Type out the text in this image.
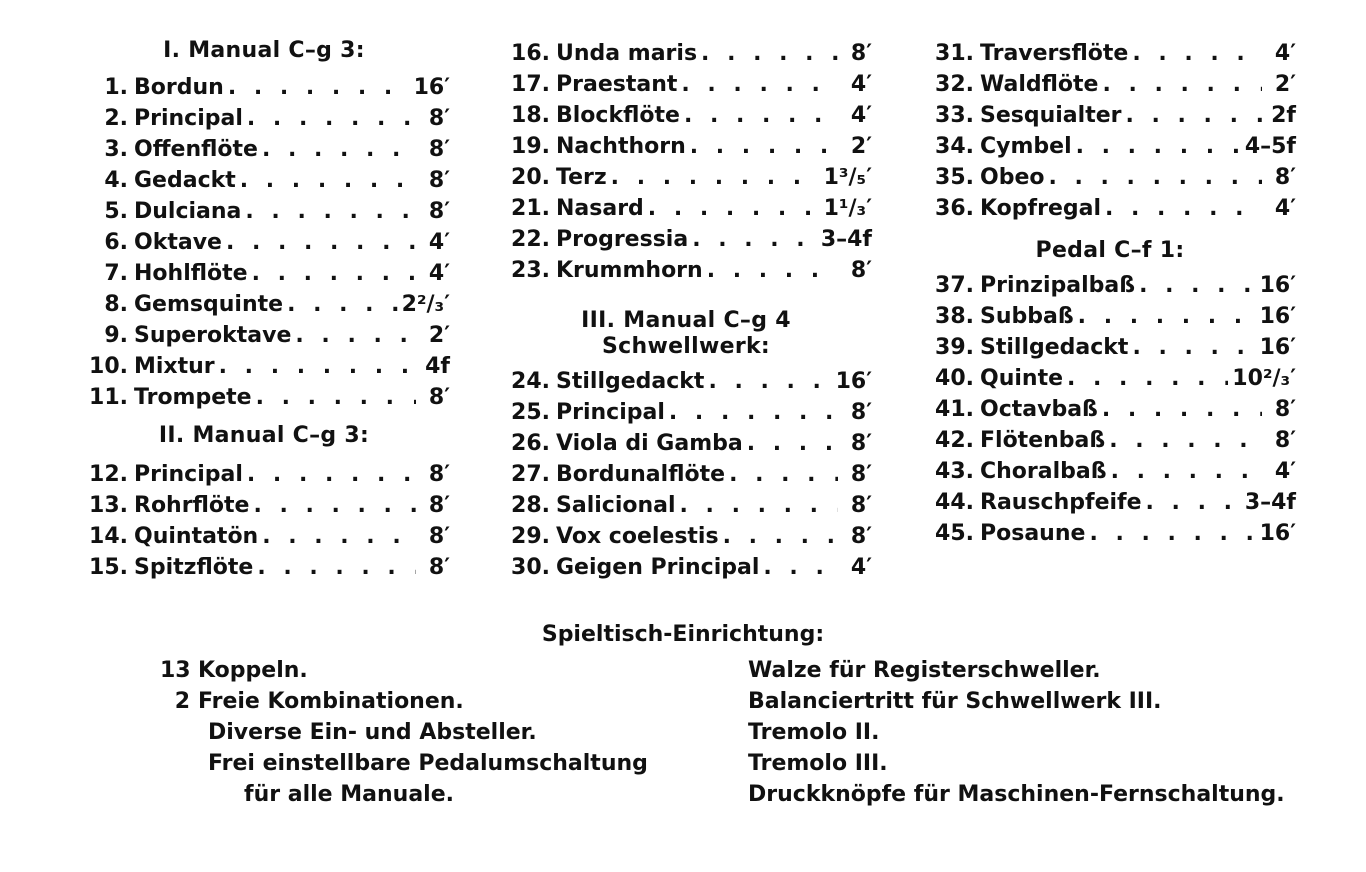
I. Manual C–g 3:
1. Bordun . . .	16′
2. Principal . . .	8′
3. Offenflöte . . .	8′
4. Gedackt . . .	8′
5. Dulciana . . .	8′
6. Oktave . . .	4′
7. Hohlflöte . . .	4′
8. Gemsquinte . . .	2²/₃′
9. Superoktave . . .	2′
10. Mixtur . . .	4f
11. Trompete . . .	8′
II. Manual C–g 3:
12. Principal . . .	8′
13. Rohrflöte . . .	8′
14. Quintatön . . .	8′
15. Spitzflöte . . .	8′
16. Unda maris . . .	8′
17. Praestant . . .	4′
18. Blockflöte . . .	4′
19. Nachthorn . . .	2′
20. Terz . . .	1³/₅′
21. Nasard . . .	1¹/₃′
22. Progressia . . .	3–4f
23. Krummhorn . . .	8′
III. Manual C–g 4
Schwellwerk:
24. Stillgedackt . . .	16′
25. Principal . . .	8′
26. Viola di Gamba . . .	8′
27. Bordunalflöte . . .	8′
28. Salicional . . .	8′
29. Vox coelestis . . .	8′
30. Geigen Principal . . .	4′
31. Traversflöte . . .	4′
32. Waldflöte . . .	2′
33. Sesquialter . . .	2f
34. Cymbel . . .	4–5f
35. Obeo . . .	8′
36. Kopfregal . . .	4′
Pedal C–f 1:
37. Prinzipalbaß . . .	16′
38. Subbaß . . .	16′
39. Stillgedackt . . .	16′
40. Quinte . . .	10²/₃′
41. Octavbaß . . .	8′
42. Flötenbaß . . .	8′
43. Choralbaß . . .	4′
44. Rauschpfeife . . .	3–4f
45. Posaune . . .	16′
Spieltisch-Einrichtung:
13 Koppeln.
2 Freie Kombinationen.
Diverse Ein- und Absteller.
Frei einstellbare Pedalumschaltung
für alle Manuale.
Walze für Registerschweller.
Balanciertritt für Schwellwerk III.
Tremolo II.
Tremolo III.
Druckknöpfe für Maschinen-Fernschaltung.
